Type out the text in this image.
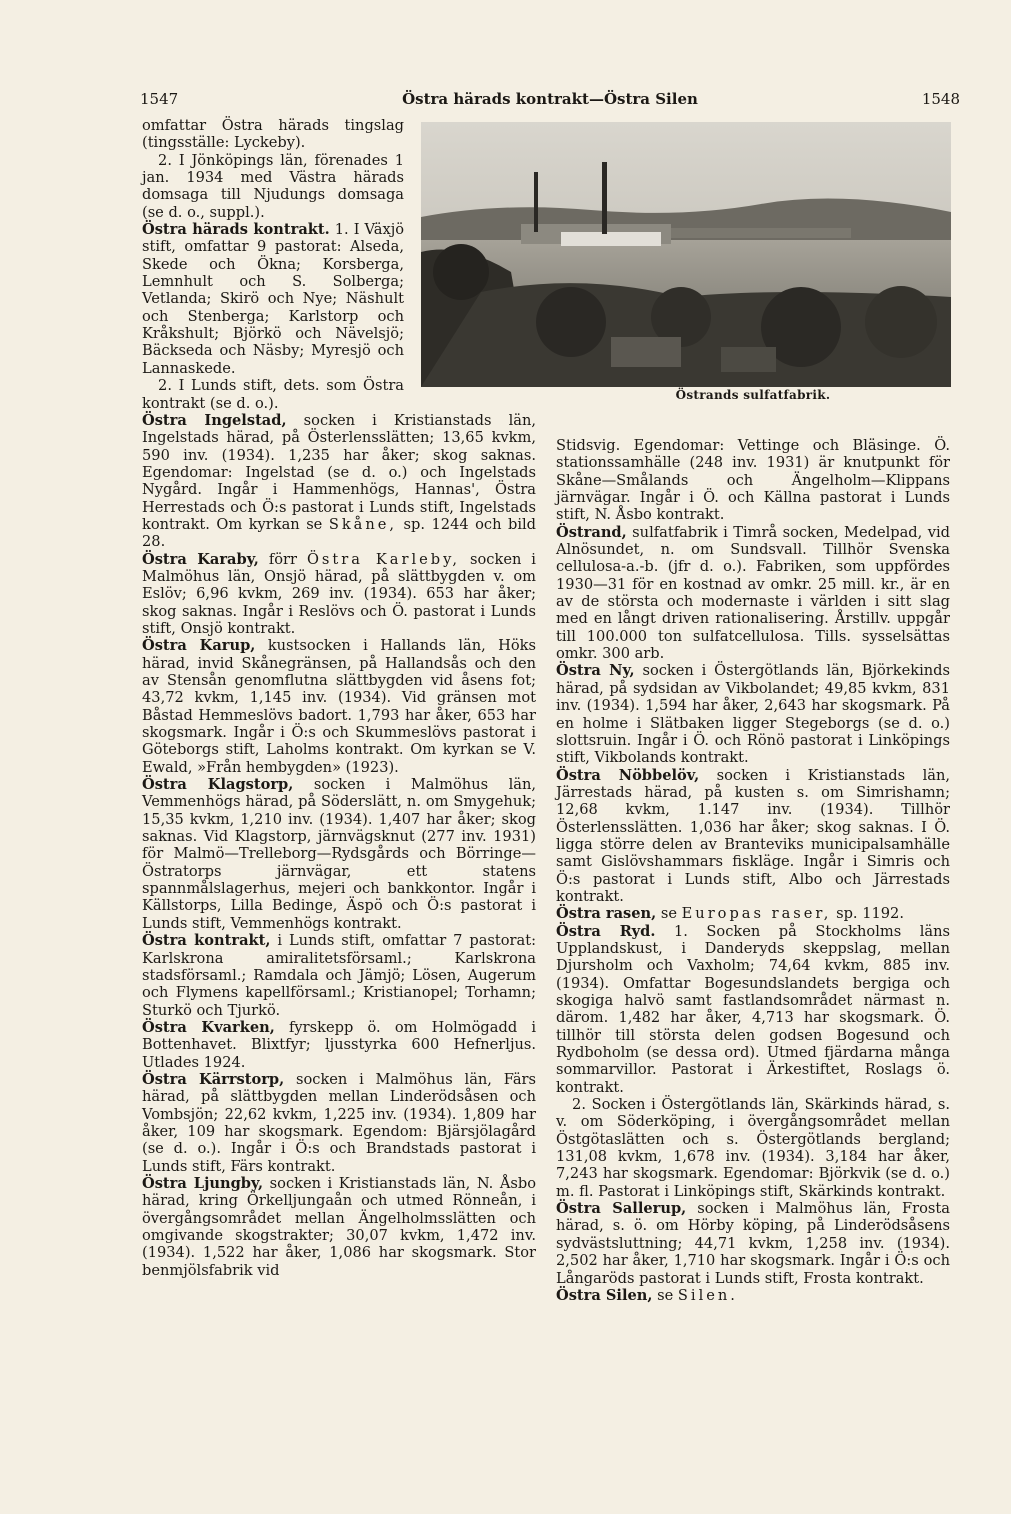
1547	Östra härads kontrakt—Östra Silen	1548
Östrands sulfatfabrik.

omfattar Östra härads tingslag (tingsställe: Lyckeby).

2. I Jönköpings län, förenades 1 jan. 1934 med Västra härads domsaga till Njudungs domsaga (se d. o., suppl.).

Östra härads kontrakt. 1. I Växjö stift, omfattar 9 pastorat: Alseda, Skede och Ökna; Korsberga, Lemnhult och S. Solberga; Vetlanda; Skirö och Nye; Näshult och Stenberga; Karlstorp och Kråkshult; Björkö och Nävelsjö; Bäckseda och Näsby; Myresjö och Lannaskede.

2. I Lunds stift, dets. som Östra kontrakt (se d. o.).

Östra Ingelstad, socken i Kristianstads län, Ingelstads härad, på Österlensslätten; 13,65 kvkm, 590 inv. (1934). 1,235 har åker; skog saknas. Egendomar: Ingelstad (se d. o.) och Ingelstads Nygård. Ingår i Hammenhögs, Hannas', Östra Herrestads och Ö:s pastorat i Lunds stift, Ingelstads kontrakt. Om kyrkan se Skåne, sp. 1244 och bild 28.

Östra Karaby, förr Östra Karleby, socken i Malmöhus län, Onsjö härad, på slättbygden v. om Eslöv; 6,96 kvkm, 269 inv. (1934). 653 har åker; skog saknas. Ingår i Reslövs och Ö. pastorat i Lunds stift, Onsjö kontrakt.

Östra Karup, kustsocken i Hallands län, Höks härad, invid Skånegränsen, på Hallandsås och den av Stensån genomflutna slättbygden vid åsens fot; 43,72 kvkm, 1,145 inv. (1934). Vid gränsen mot Båstad Hemmeslövs badort. 1,793 har åker, 653 har skogsmark. Ingår i Ö:s och Skummeslövs pastorat i Göteborgs stift, Laholms kontrakt. Om kyrkan se V. Ewald, »Från hembygden» (1923).

Östra Klagstorp, socken i Malmöhus län, Vemmenhögs härad, på Söderslätt, n. om Smygehuk; 15,35 kvkm, 1,210 inv. (1934). 1,407 har åker; skog saknas. Vid Klagstorp, järnvägsknut (277 inv. 1931) för Malmö—Trelleborg—Rydsgårds och Börringe—Östratorps järnvägar, ett statens spannmålslagerhus, mejeri och bankkontor. Ingår i Källstorps, Lilla Bedinge, Äspö och Ö:s pastorat i Lunds stift, Vemmenhögs kontrakt.

Östra kontrakt, i Lunds stift, omfattar 7 pastorat: Karlskrona amiralitetsförsaml.; Karlskrona stadsförsaml.; Ramdala och Jämjö; Lösen, Augerum och Flymens kapellförsaml.; Kristianopel; Torhamn; Sturkö och Tjurkö.

Östra Kvarken, fyrskepp ö. om Holmögadd i Bottenhavet. Blixtfyr; ljusstyrka 600 Hefnerljus. Utlades 1924.

Östra Kärrstorp, socken i Malmöhus län, Färs härad, på slättbygden mellan Linderödsåsen och Vombsjön; 22,62 kvkm, 1,225 inv. (1934). 1,809 har åker, 109 har skogsmark. Egendom: Bjärsjölagård (se d. o.). Ingår i Ö:s och Brandstads pastorat i Lunds stift, Färs kontrakt.

Östra Ljungby, socken i Kristianstads län, N. Åsbo härad, kring Örkelljungaån och utmed Rönneån, i övergångsområdet mellan Ängelholmsslätten och omgivande skogstrakter; 30,07 kvkm, 1,472 inv. (1934). 1,522 har åker, 1,086 har skogsmark. Stor benmjölsfabrik vid

Stidsvig. Egendomar: Vettinge och Bläsinge. Ö. stationssamhälle (248 inv. 1931) är knutpunkt för Skåne—Smålands och Ängelholm—Klippans järnvägar. Ingår i Ö. och Källna pastorat i Lunds stift, N. Åsbo kontrakt.

Östrand, sulfatfabrik i Timrå socken, Medelpad, vid Alnösundet, n. om Sundsvall. Tillhör Svenska cellulosa-a.-b. (jfr d. o.). Fabriken, som uppfördes 1930—31 för en kostnad av omkr. 25 mill. kr., är en av de största och modernaste i världen i sitt slag med en långt driven rationalisering. Årstillv. uppgår till 100.000 ton sulfatcellulosa. Tills. sysselsättas omkr. 300 arb.

Östra Ny, socken i Östergötlands län, Björkekinds härad, på sydsidan av Vikbolandet; 49,85 kvkm, 831 inv. (1934). 1,594 har åker, 2,643 har skogsmark. På en holme i Slätbaken ligger Stegeborgs (se d. o.) slottsruin. Ingår i Ö. och Rönö pastorat i Linköpings stift, Vikbolands kontrakt.

Östra Nöbbelöv, socken i Kristianstads län, Järrestads härad, på kusten s. om Simrishamn; 12,68 kvkm, 1.147 inv. (1934). Tillhör Österlensslätten. 1,036 har åker; skog saknas. I Ö. ligga större delen av Branteviks municipalsamhälle samt Gislövshammars fiskläge. Ingår i Simris och Ö:s pastorat i Lunds stift, Albo och Järrestads kontrakt.

Östra rasen, se Europas raser, sp. 1192.

Östra Ryd. 1. Socken på Stockholms läns Upplandskust, i Danderyds skeppslag, mellan Djursholm och Vaxholm; 74,64 kvkm, 885 inv. (1934). Omfattar Bogesundslandets bergiga och skogiga halvö samt fastlandsområdet närmast n. därom. 1,482 har åker, 4,713 har skogsmark. Ö. tillhör till största delen godsen Bogesund och Rydboholm (se dessa ord). Utmed fjärdarna många sommarvillor. Pastorat i Ärkestiftet, Roslags ö. kontrakt.

2. Socken i Östergötlands län, Skärkinds härad, s. v. om Söderköping, i övergångsområdet mellan Östgötaslätten och s. Östergötlands bergland; 131,08 kvkm, 1,678 inv. (1934). 3,184 har åker, 7,243 har skogsmark. Egendomar: Björkvik (se d. o.) m. fl. Pastorat i Linköpings stift, Skärkinds kontrakt.

Östra Sallerup, socken i Malmöhus län, Frosta härad, s. ö. om Hörby köping, på Linderödsåsens sydvästsluttning; 44,71 kvkm, 1,258 inv. (1934). 2,502 har åker, 1,710 har skogsmark. Ingår i Ö:s och Långaröds pastorat i Lunds stift, Frosta kontrakt.

Östra Silen, se Silen.
